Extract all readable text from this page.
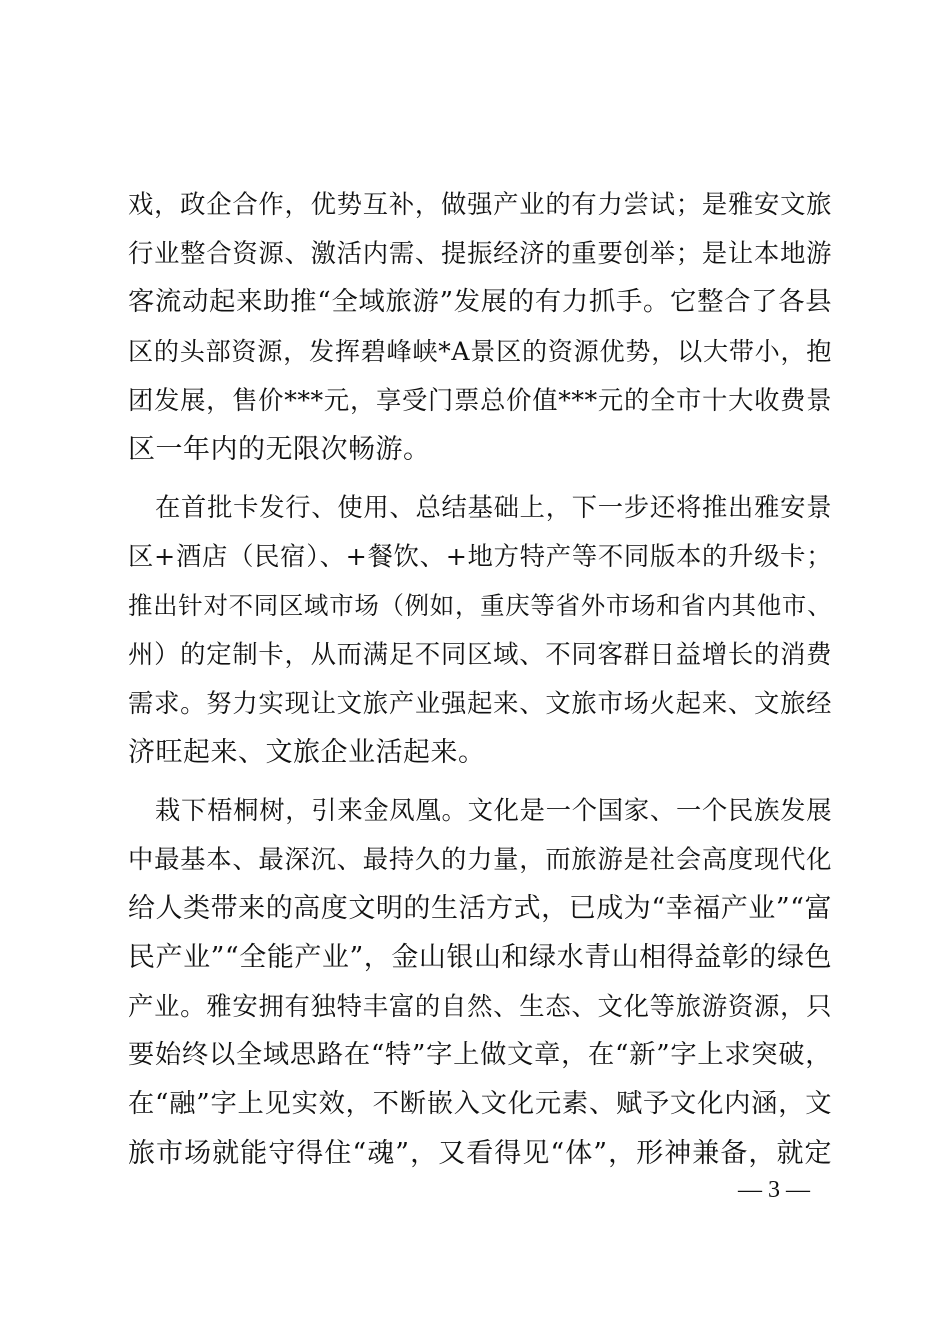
戏，政企合作，优势互补，做强产业的有力尝试；是雅安文旅
行业整合资源、激活内需、提振经济的重要创举；是让本地游
客流动起来助推“全域旅游”发展的有力抓手。它整合了各县
区的头部资源，发挥碧峰峡*A景区的资源优势，以大带小，抱
团发展，售价***元，享受门票总价值***元的全市十大收费景
区一年内的无限次畅游。
在首批卡发行、使用、总结基础上，下一步还将推出雅安景
区+酒店（民宿）、+餐饮、+地方特产等不同版本的升级卡；
推出针对不同区域市场（例如，重庆等省外市场和省内其他市、
州）的定制卡，从而满足不同区域、不同客群日益增长的消费
需求。努力实现让文旅产业强起来、文旅市场火起来、文旅经
济旺起来、文旅企业活起来。
栽下梧桐树，引来金凤凰。文化是一个国家、一个民族发展
中最基本、最深沉、最持久的力量，而旅游是社会高度现代化
给人类带来的高度文明的生活方式，已成为“幸福产业”“富
民产业”“全能产业”，金山银山和绿水青山相得益彰的绿色
产业。雅安拥有独特丰富的自然、生态、文化等旅游资源，只
要始终以全域思路在“特”字上做文章，在“新”字上求突破，
在“融”字上见实效，不断嵌入文化元素、赋予文化内涵，文
旅市场就能守得住“魂”，又看得见“体”，形神兼备，就定
— 3 —
